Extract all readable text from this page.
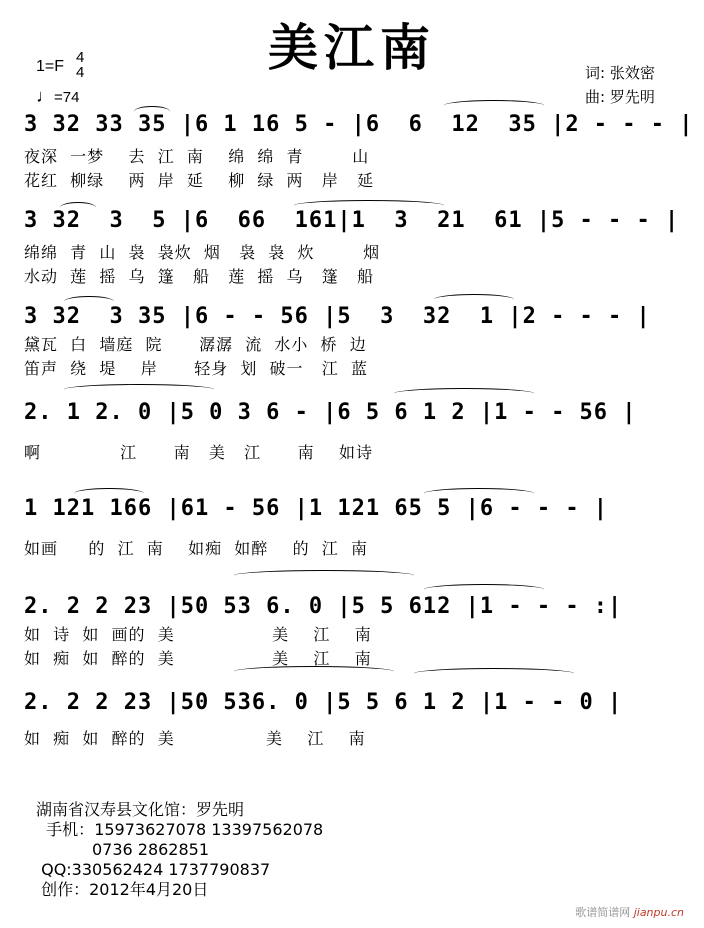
美江南	词: 张效密
曲: 罗先明
1=F
4
4
♩=74
3 32 33 35 |6 1 16 5 - |6  6  12  35 |2 - - - |
夜深  一梦    去  江  南    绵  绵  青        山
花红  柳绿    两  岸  延    柳  绿  两   岸   延
3 32  3  5 |6  66  161|1  3  21  61 |5 - - - |
绵绵  青  山  袅  袅炊  烟   袅  袅  炊        烟
水动  莲  摇  乌  篷   船   莲  摇  乌   篷   船
3 32  3 35 |6 - - 56 |5  3  32  1 |2 - - - |
黛瓦  白  墙庭  院      潺潺  流  水小  桥  边
笛声  绕  堤    岸      轻身  划  破一   江  蓝
2. 1 2. 0 |5 0 3 6 - |6 5 6 1 2 |1 - - 56 |
啊             江      南   美   江      南    如诗
1 121 166 |61 - 56 |1 121 65 5 |6 - - - |
如画     的  江  南    如痴  如醉    的  江  南
2. 2 2 23 |50 53 6. 0 |5 5 612 |1 - - - :|
如  诗  如  画的  美                美    江    南
如  痴  如  醉的  美                美    江    南
2. 2 2 23 |50 536. 0 |5 5 6 1 2 |1 - - 0 |
如  痴  如  醉的  美               美    江    南
湖南省汉寿县文化馆：罗先明
手机：15973627078 13397562078
0736 2862851
QQ:330562424 1737790837
创作：2012年4月20日
歌谱简谱网 jianpu.cn
